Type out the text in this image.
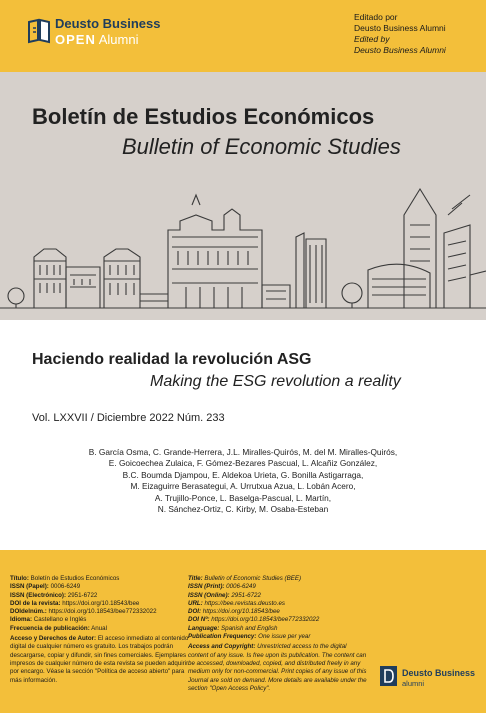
Deusto Business
OPEN Alumni
Editado por
Deusto Business Alumni
Edited by
Deusto Business Alumni
Boletín de Estudios Económicos
Bulletin of Economic Studies
Haciendo realidad la revolución ASG
Making the ESG revolution a reality
Vol. LXXVII / Diciembre 2022 Núm. 233
B. García Osma, C. Grande-Herrera, J.L. Miralles-Quirós, M. del M. Miralles-Quirós,
E. Goicoechea Zulaica, F. Gómez-Bezares Pascual, L. Alcañiz González,
B.C. Boumda Djampou, E. Aldekoa Urieta, G. Bonilla Astigarraga,
M. Eizaguirre Berasategui, A. Urrutxua Azua, L. Lobán Acero,
A. Trujillo-Ponce, L. Baselga-Pascual, L. Martín,
N. Sánchez-Ortiz, C. Kirby, M. Osaba-Esteban
Título: Boletín de Estudios Económicos
ISSN (Papel): 0006-6249
ISSN (Electrónico): 2951-6722
DOI de la revista: https://doi.org/10.18543/bee
DOIdelnúm.: https://doi.org/10.18543/bee772332022
Idioma: Castellano e Inglés
Frecuencia de publicación: Anual
Acceso y Derechos de Autor: El acceso inmediato al contenido digital de cualquier número es gratuito. Los trabajos podrán descargarse, copiar y difundir, sin fines comerciales. Ejemplares impresos de cualquier número de esta revista se pueden adquirir por encargo. Véase la sección "Política de acceso abierto" para más información.
Title: Bulletin of Economic Studies (BEE)
ISSN (Print): 0006-6249
ISSN (Online): 2951-6722
URL: https://bee.revistas.deusto.es
DOI: https://doi.org/10.18543/bee
DOI Nº: https://doi.org/10.18543/bee772332022
Language: Spanish and English
Publication Frequency: One issue per year
Access and Copyright: Unrestricted access to the digital content of any issue. Is free upon its publication. The content can be accessed, downloaded, copied, and distributed freely in any medium only for non-commercial. Print copies of any issue of this Journal are sold on demand. More details are available under the section "Open Access Policy".
Deusto Business
alumni
